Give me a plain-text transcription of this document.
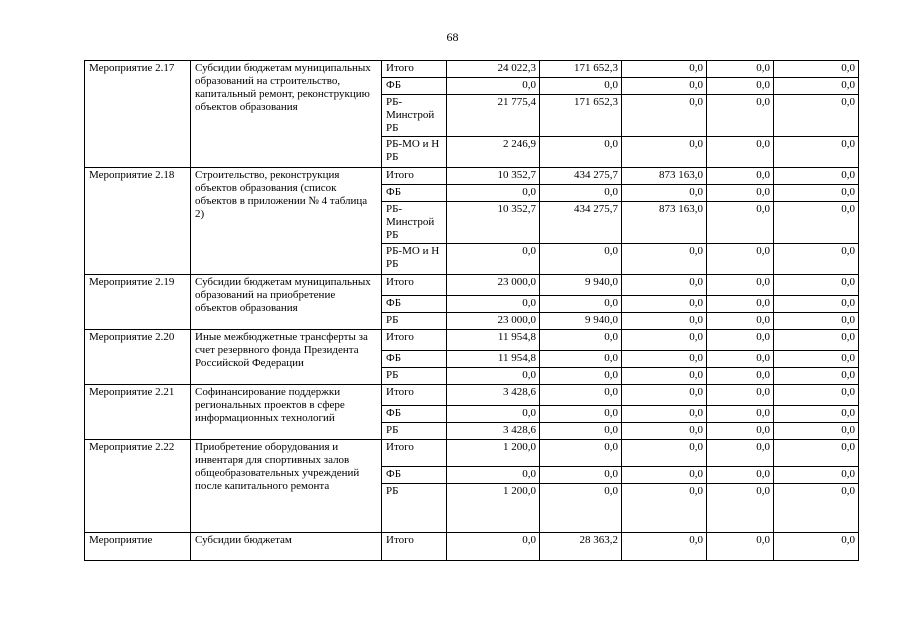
68
Мероприятие 2.17	Субсидии бюджетам муниципальных образований на строительство, капитальный ремонт, реконструкцию объектов образования	Итого	24 022,3	171 652,3	0,0	0,0	0,0
		ФБ	0,0	0,0	0,0	0,0	0,0
		РБ-Минстрой РБ	21 775,4	171 652,3	0,0	0,0	0,0
		РБ-МО и Н РБ	2 246,9	0,0	0,0	0,0	0,0
Мероприятие 2.18	Строительство, реконструкция объектов образования (список объектов в приложении № 4 таблица 2)	Итого	10 352,7	434 275,7	873 163,0	0,0	0,0
		ФБ	0,0	0,0	0,0	0,0	0,0
		РБ-Минстрой РБ	10 352,7	434 275,7	873 163,0	0,0	0,0
		РБ-МО и Н РБ	0,0	0,0	0,0	0,0	0,0
Мероприятие 2.19	Субсидии бюджетам муниципальных образований на приобретение объектов образования	Итого	23 000,0	9 940,0	0,0	0,0	0,0
		ФБ	0,0	0,0	0,0	0,0	0,0
		РБ	23 000,0	9 940,0	0,0	0,0	0,0
Мероприятие 2.20	Иные межбюджетные трансферты за счет резервного фонда Президента Российской Федерации	Итого	11 954,8	0,0	0,0	0,0	0,0
		ФБ	11 954,8	0,0	0,0	0,0	0,0
		РБ	0,0	0,0	0,0	0,0	0,0
Мероприятие 2.21	Софинансирование поддержки региональных проектов в сфере информационных технологий	Итого	3 428,6	0,0	0,0	0,0	0,0
		ФБ	0,0	0,0	0,0	0,0	0,0
		РБ	3 428,6	0,0	0,0	0,0	0,0
Мероприятие 2.22	Приобретение оборудования и инвентаря для спортивных залов общеобразовательных учреждений после капитального ремонта	Итого	1 200,0	0,0	0,0	0,0	0,0
		ФБ	0,0	0,0	0,0	0,0	0,0
		РБ	1 200,0	0,0	0,0	0,0	0,0
Мероприятие	Субсидии бюджетам	Итого	0,0	28 363,2	0,0	0,0	0,0
